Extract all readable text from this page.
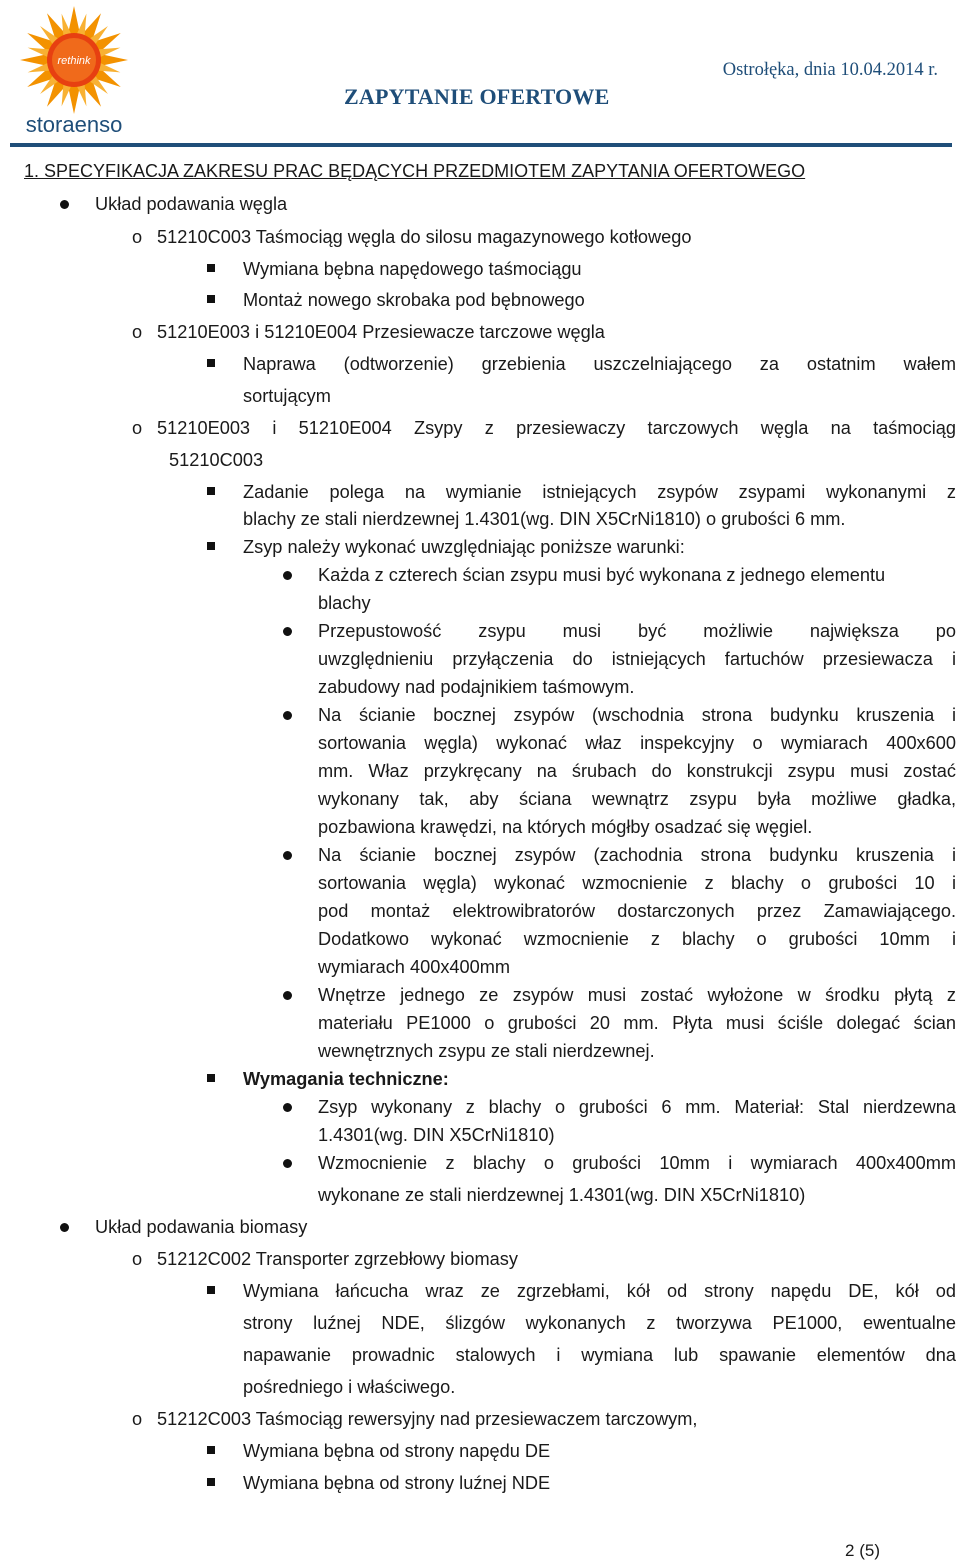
rethink
storaenso
ZAPYTANIE OFERTOWE
Ostrołęka, dnia 10.04.2014 r.
1. SPECYFIKACJA ZAKRESU PRAC BĘDĄCYCH PRZEDMIOTEM ZAPYTANIA OFERTOWEGO
Układ podawania węgla
o 51210C003 Taśmociąg węgla do silosu magazynowego kotłowego
Wymiana bębna napędowego taśmociągu
Montaż nowego skrobaka pod bębnowego
o 51210E003 i 51210E004 Przesiewacze tarczowe węgla
Naprawa (odtworzenie) grzebienia uszczelniającego za ostatnim wałem
sortującym
o 51210E003 i 51210E004 Zsypy z przesiewaczy tarczowych węgla na taśmociąg
51210C003
Zadanie polega na wymianie istniejących zsypów zsypami wykonanymi z
blachy ze stali nierdzewnej 1.4301(wg. DIN X5CrNi1810) o grubości 6 mm.
Zsyp należy wykonać uwzględniając poniższe warunki:
Każda z czterech ścian zsypu musi być wykonana z jednego elementu
blachy
Przepustowość zsypu musi być możliwie największa po
uwzględnieniu przyłączenia do istniejących fartuchów przesiewacza i
zabudowy nad podajnikiem taśmowym.
Na ścianie bocznej zsypów (wschodnia strona budynku kruszenia i
sortowania węgla) wykonać właz inspekcyjny o wymiarach 400x600
mm. Właz przykręcany na śrubach do konstrukcji zsypu musi zostać
wykonany tak, aby ściana wewnątrz zsypu była możliwe gładka,
pozbawiona krawędzi, na których mógłby osadzać się węgiel.
Na ścianie bocznej zsypów (zachodnia strona budynku kruszenia i
sortowania węgla) wykonać wzmocnienie z blachy o grubości 10 i
pod montaż elektrowibratorów dostarczonych przez Zamawiającego.
Dodatkowo wykonać wzmocnienie z blachy o grubości 10mm i
wymiarach 400x400mm
Wnętrze jednego ze zsypów musi zostać wyłożone w środku płytą z
materiału PE1000 o grubości 20 mm. Płyta musi ściśle dolegać ścian
wewnętrznych zsypu ze stali nierdzewnej.
Wymagania techniczne:
Zsyp wykonany z blachy o grubości 6 mm. Materiał: Stal nierdzewna
1.4301(wg. DIN X5CrNi1810)
Wzmocnienie z blachy o grubości 10mm i wymiarach 400x400mm
wykonane ze stali nierdzewnej 1.4301(wg. DIN X5CrNi1810)
Układ podawania biomasy
o 51212C002 Transporter zgrzebłowy biomasy
Wymiana łańcucha wraz ze zgrzebłami, kół od strony napędu DE, kół od
strony luźnej NDE, ślizgów wykonanych z tworzywa PE1000, ewentualne
napawanie prowadnic stalowych i wymiana lub spawanie elementów dna
pośredniego i właściwego.
o 51212C003 Taśmociąg rewersyjny nad przesiewaczem tarczowym,
Wymiana bębna od strony napędu DE
Wymiana bębna od strony luźnej NDE
2 (5)
